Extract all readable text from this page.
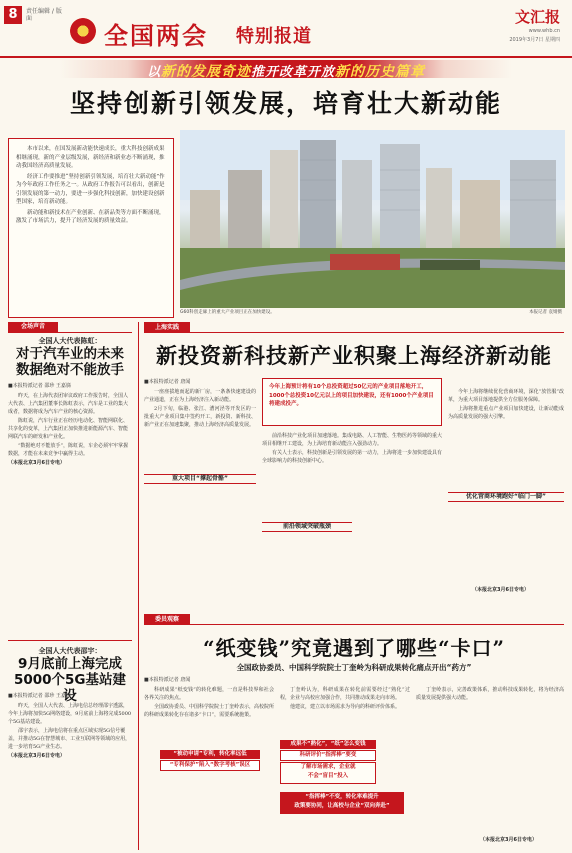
8	责任编辑 / 版面
全国两会 特别报道
文汇报
www.whb.cn
2019年3月7日 星期四
以新的发展奇迹推开改革开放新的历史篇章
坚持创新引领发展，培育壮大新动能

本市以来，在国发展新动能快速成长，重大科技创新成果相继涌现，新的产业层级发展，新经济和新业态不断涌现，推动我国经济高质量发展。

经济工作要推进“坚持创新引领发展，培育壮大新动能”作为今年政府工作任务之一。从政府工作报告可以看出，创新是引领发展的第一动力，要进一步强化科技创新，加快建设创新型国家，培育新动能。

新动能和新技术在产业创新、在新品类等方面不断涌现，激发了市场活力，提升了经济发展的质量效益。

G60科创走廊上的重大产业项目正在加快建设。	本报记者 袁婧摄
会场声音
全国人大代表陈虹：
对于汽车业的未来
数据绝对不能放手
■本报特派记者 邵珍 王嘉旖

昨天，在上海代表团审议政府工作报告时，全国人大代表、上汽集团董事长陈虹表示，汽车是工业的集大成者，数据将成为汽车产业的核心资源。

陈虹说，汽车行业正在经历电动化、智能网联化、共享化的变革，上汽集团正加快推进新能源汽车、智能网联汽车的研发和产业化。

“数据绝对不能放手”，陈虹说，车企必须牢牢掌握数据，才能在未来竞争中赢得主动。

（本报北京3月6日专电）
全国人大代表邵宇：
9月底前上海完成
5000个5G基站建设
■本报特派记者 邵珍 王嘉旖

昨天，全国人大代表、上海电信总经理邵宇透露，今年上海将加快5G网络建设，9月底前上海将完成5000个5G基站建设。

邵宇表示，上海电信将在重点区域实现5G信号覆盖，并推动5G在智慧城市、工业互联网等领域的应用，进一步培育5G产业生态。

（本报北京3月6日专电）
上海实践
新投资新科技新产业积聚上海经济新动能
■本报特派记者 唐闻
今年上海预计将有10个总投资超过50亿元的产业项目落地开工，1000个总投资10亿元以上的项目加快建设，还有1000个产业项目将建成投产。

一座座拔地而起的新厂房，一条条快速建设的产业通道，正在为上海经济注入新动能。

2月下旬，临港、张江、漕河泾等开发区的一批重大产业项目集中签约开工，新投资、新科技、新产业正在加速集聚，推动上海经济高质量发展。

重大项目“撑起骨骼”

前沿科技产业化项目加速落地。集成电路、人工智能、生物医药等领域的重大项目相继开工建设，为上海培育新动能注入强劲动力。

有关人士表示，科技创新是引领发展的第一动力，上海将进一步加快建设具有全球影响力的科技创新中心。

前沿领域突破瓶颈
优化营商环境跑好“临门一脚”

今年上海将继续优化营商环境，深化“放管服”改革，为重大项目落地提供全方位服务保障。

上海将推进重点产业项目加快建设，让新动能成为高质量发展的强大引擎。

（本报北京3月6日专电）
委员观察
“纸变钱”究竟遇到了哪些“卡口”
全国政协委员、中国科学院院士丁奎岭为科研成果转化痛点开出“药方”
■本报特派记者 唐闻

科研成果“纸变钱”的转化难题，一直是科技界和社会各界关注的焦点。

全国政协委员、中国科学院院士丁奎岭表示，高校院所的科研成果转化存在诸多“卡口”，需要系统施策。

“被动申请”专利，转化率远低
“专利保护”陷入“数字考核”误区

丁奎岭认为，科研成果在转化前需要经过“熟化”过程，企业与高校应加强合作，共同推动成果走向市场。

他建议，建立以市场需求为导向的科研评价体系。

成果不“熟化”，“纸”怎么变钱
科研评价“指挥棒”要变
了解市场需求，企业就
不会“盲目”投入
“指挥棒”不变，转化率难提升
政策要协同，让高校与企业“双向奔赴”

丁奎岭表示，完善政策体系，推动科技成果转化，将为经济高质量发展提供强大动能。

（本报北京3月6日专电）
